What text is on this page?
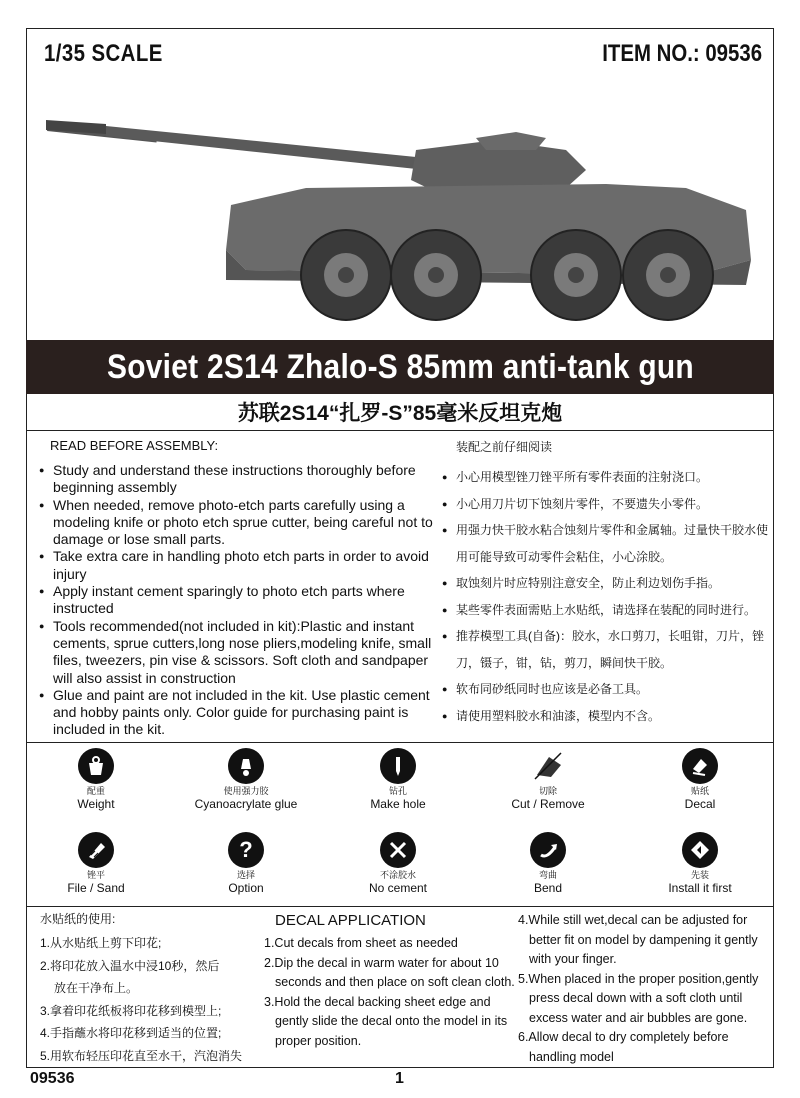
1/35 SCALE	ITEM NO.: 09536
Soviet 2S14 Zhalo-S 85mm anti-tank gun
苏联2S14“扎罗-S”85毫米反坦克炮
READ BEFORE ASSEMBLY:	装配之前仔细阅读
● Study and understand these instructions thoroughly before beginning assembly
● When needed, remove photo-etch parts carefully using a modeling knife or photo etch sprue cutter, being careful not to damage or lose small parts.
● Take extra care in handling photo etch parts in order to avoid injury
● Apply instant cement sparingly to photo etch parts where instructed
● Tools recommended(not included in kit):Plastic and instant cements, sprue cutters,long nose pliers,modeling knife, small files, tweezers, pin vise & scissors. Soft cloth and sandpaper will also assist in construction
● Glue and paint are not included in the kit. Use plastic cement and hobby paints only. Color guide for purchasing paint is included in the kit.
● 小心用模型锉刀锉平所有零件表面的注射浇口。
● 小心用刀片切下蚀刻片零件，不要遗失小零件。
● 用强力快干胶水粘合蚀刻片零件和金属轴。过量快干胶水使用可能导致可动零件会粘住，小心涂胶。
● 取蚀刻片时应特别注意安全，防止利边划伤手指。
● 某些零件表面需贴上水贴纸，请选择在装配的同时进行。
● 推荐模型工具(自备)：胶水，水口剪刀，长咀钳，刀片，锉刀，镊子，钳，钻，剪刀，瞬间快干胶。
● 软布同砂纸同时也应该是必备工具。
● 请使用塑料胶水和油漆，模型内不含。
配重
Weight
使用强力胶
Cyanoacrylate glue
钻孔
Make hole
切除
Cut / Remove
贴纸
Decal
锉平
File / Sand
?
选择
Option
不涂胶水
No cement
弯曲
Bend
先装
Install it first
水贴纸的使用:
1.从水贴纸上剪下印花;
2.将印花放入温水中浸10秒，然后
放在干净布上。
3.拿着印花纸板将印花移到模型上;
4.手指蘸水将印花移到适当的位置;
5.用软布轻压印花直至水干，汽泡消失
DECAL APPLICATION
1.Cut decals from sheet as needed
2.Dip the decal in warm water for about 10
seconds and then place on soft clean cloth.
3.Hold the decal backing sheet edge and
gently slide the decal onto the model in its
proper position.
4.While still wet,decal can be adjusted for
better fit on model by dampening it gently
with your finger.
5.When placed in the proper position,gently
press decal down with a soft cloth until
excess water and air bubbles are gone.
6.Allow decal to dry completely before
handling model
09536	1
